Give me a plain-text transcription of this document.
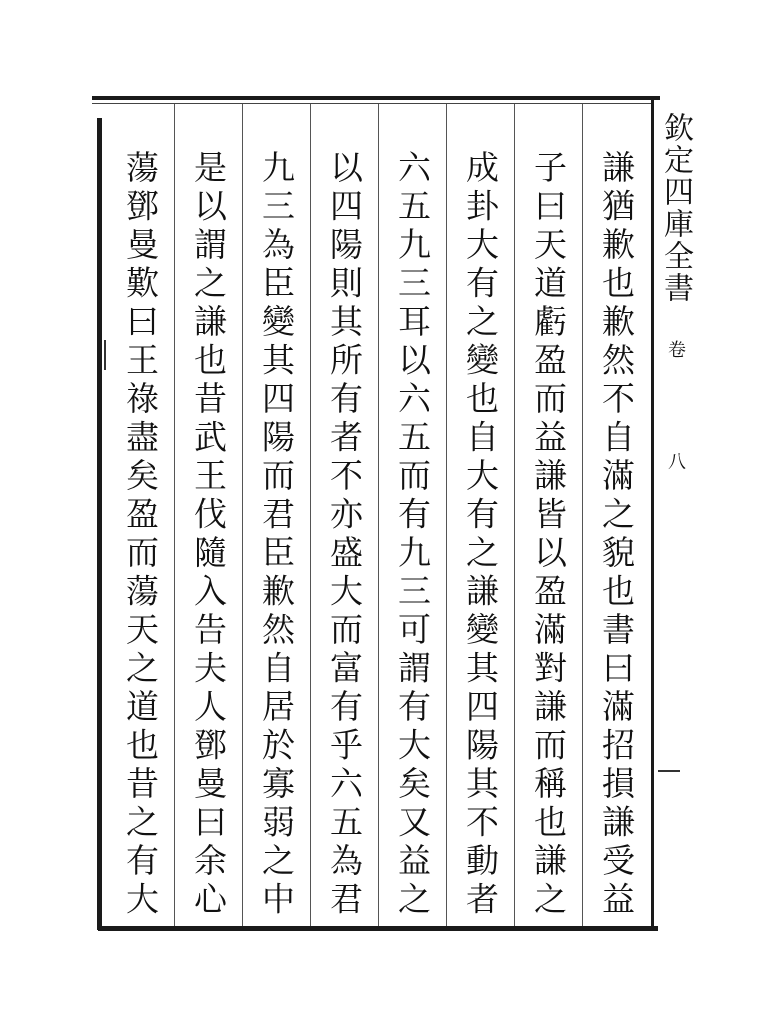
欽定四庫全書
卷
八
謙猶歉也歉然不自滿之貌也書曰滿招損謙受益
子曰天道虧盈而益謙皆以盈滿對謙而稱也謙之
成卦大有之變也自大有之謙變其四陽其不動者
六五九三耳以六五而有九三可謂有大矣又益之
以四陽則其所有者不亦盛大而富有乎六五為君
九三為臣變其四陽而君臣歉然自居於寡弱之中
是以謂之謙也昔武王伐隨入告夫人鄧曼曰余心
蕩鄧曼歎曰王祿盡矣盈而蕩天之道也昔之有大
